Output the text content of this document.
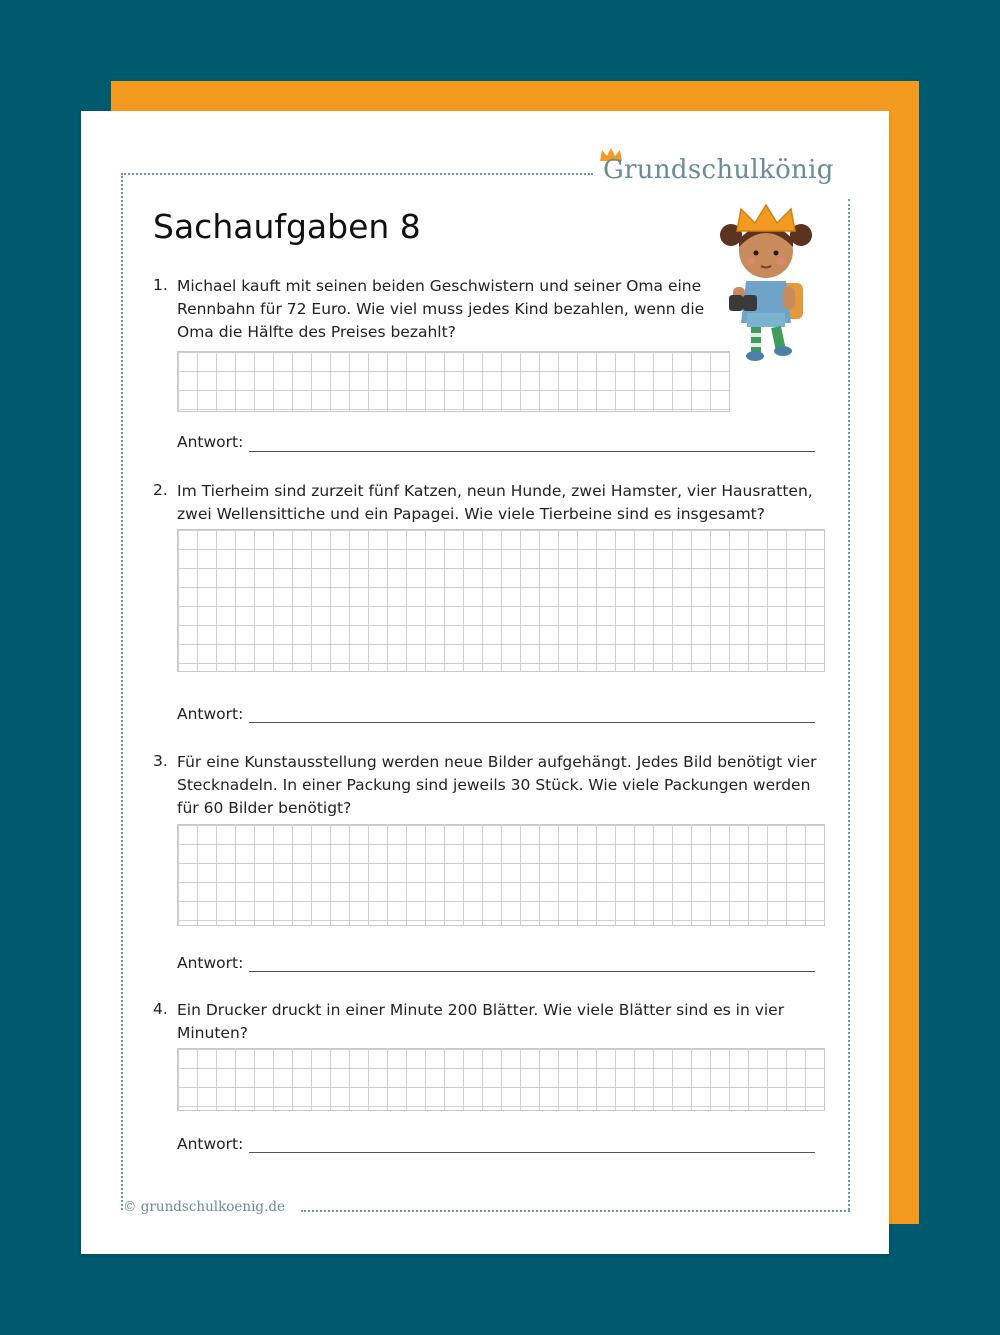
Grundschulkönig
Sachaufgaben 8
1. Michael kauft mit seinen beiden Geschwistern und seiner Oma eine
Rennbahn für 72 Euro. Wie viel muss jedes Kind bezahlen, wenn die
Oma die Hälfte des Preises bezahlt?

Antwort:
2. Im Tierheim sind zurzeit fünf Katzen, neun Hunde, zwei Hamster, vier Hausratten,
zwei Wellensittiche und ein Papagei. Wie viele Tierbeine sind es insgesamt?

Antwort:
3. Für eine Kunstausstellung werden neue Bilder aufgehängt. Jedes Bild benötigt vier
Stecknadeln. In einer Packung sind jeweils 30 Stück. Wie viele Packungen werden
für 60 Bilder benötigt?

Antwort:
4. Ein Drucker druckt in einer Minute 200 Blätter. Wie viele Blätter sind es in vier
Minuten?

Antwort:
© grundschulkoenig.de
